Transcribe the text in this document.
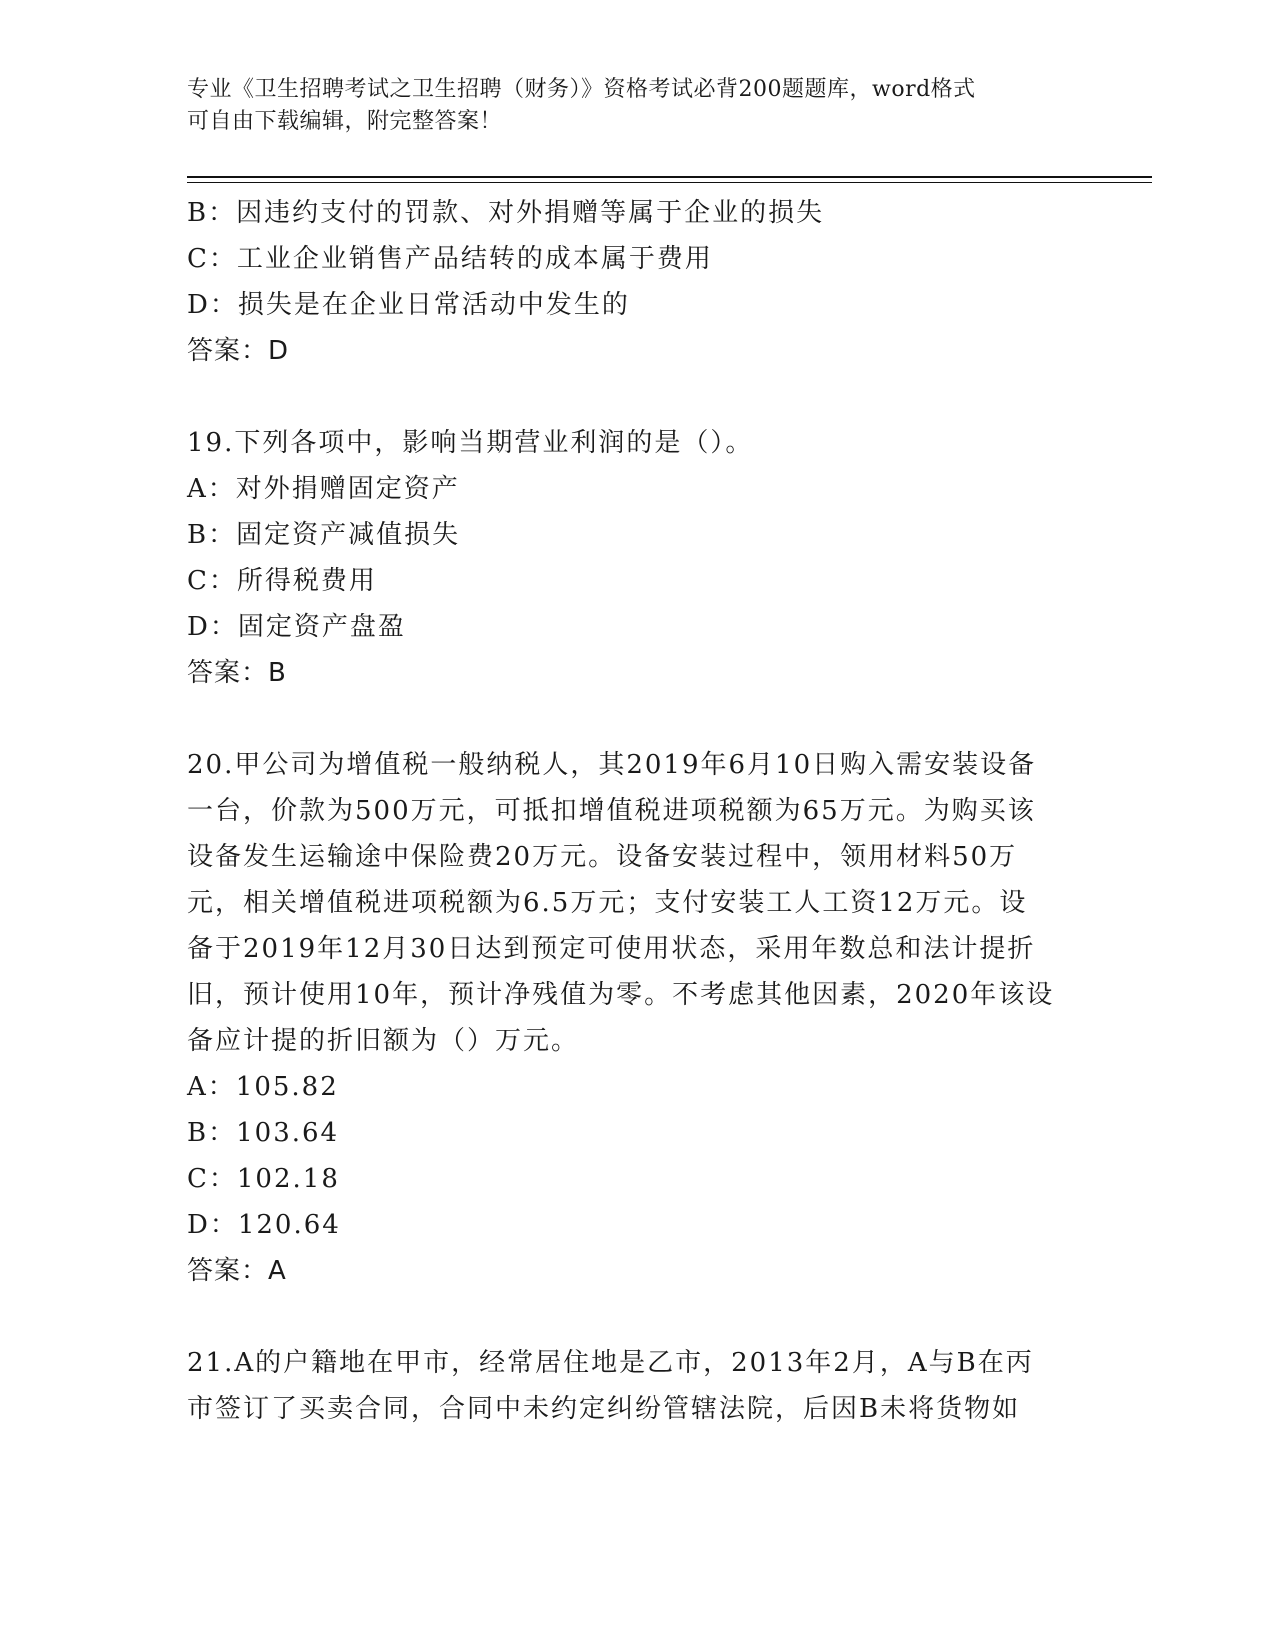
专业《卫生招聘考试之卫生招聘（财务）》资格考试必背200题题库，word格式
可自由下载编辑，附完整答案！
B：因违约支付的罚款、对外捐赠等属于企业的损失
C：工业企业销售产品结转的成本属于费用
D：损失是在企业日常活动中发生的
答案：D
19.下列各项中，影响当期营业利润的是（）。
A：对外捐赠固定资产
B：固定资产减值损失
C：所得税费用
D：固定资产盘盈
答案：B
20.甲公司为增值税一般纳税人，其2019年6月10日购入需安装设备
一台，价款为500万元，可抵扣增值税进项税额为65万元。为购买该
设备发生运输途中保险费20万元。设备安装过程中，领用材料50万
元，相关增值税进项税额为6.5万元；支付安装工人工资12万元。设
备于2019年12月30日达到预定可使用状态，采用年数总和法计提折
旧，预计使用10年，预计净残值为零。不考虑其他因素，2020年该设
备应计提的折旧额为（）万元。
A：105.82
B：103.64
C：102.18
D：120.64
答案：A
21.A的户籍地在甲市，经常居住地是乙市，2013年2月，A与B在丙
市签订了买卖合同，合同中未约定纠纷管辖法院，后因B未将货物如
